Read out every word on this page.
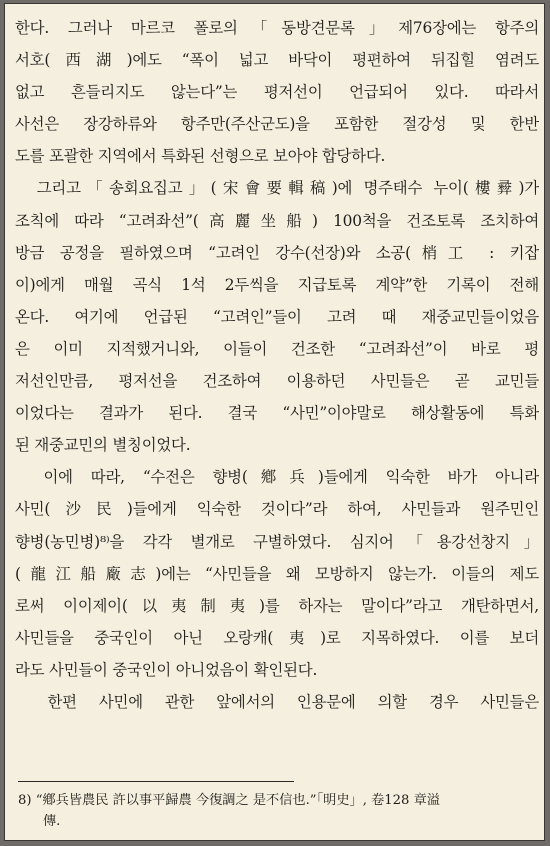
한다. 그러나 마르코 폴로의「동방견문록」제76장에는 항주의
서호(西湖)에도 “폭이 넓고 바닥이 평편하여 뒤집힐 염려도
없고 흔들리지도 않는다”는 평저선이 언급되어 있다. 따라서
사선은 장강하류와 항주만(주산군도)을 포함한 절강성 및 한반
도를 포괄한 지역에서 특화된 선형으로 보아야 합당하다.
　그리고「송회요집고」(宋會要輯稿)에 명주태수 누이(樓彛)가
조칙에 따라 “고려좌선”(高麗坐船) 100척을 건조토록 조치하여
방금 공정을 필하였으며 “고려인 강수(선장)와 소공(梢工 : 키잡
이)에게 매월 곡식 1석 2두씩을 지급토록 계약”한 기록이 전해
온다. 여기에 언급된 “고려인”들이 고려 때 재중교민들이었음
은 이미 지적했거니와, 이들이 건조한 “고려좌선”이 바로 평
저선인만큼, 평저선을 건조하여 이용하던 사민들은 곧 교민들
이었다는 결과가 된다. 결국 “사민”이야말로 해상활동에 특화
된 재중교민의 별칭이었다.
　이에 따라, “수전은 향병(鄕兵)들에게 익숙한 바가 아니라
사민(沙民)들에게 익숙한 것이다”라 하여, 사민들과 원주민인
향병(농민병)⁸⁾을 각각 별개로 구별하였다. 심지어「용강선창지」
(龍江船廠志)에는 “사민들을 왜 모방하지 않는가. 이들의 제도
로써 이이제이(以夷制夷)를 하자는 말이다”라고 개탄하면서,
사민들을 중국인이 아닌 오랑캐(夷)로 지목하였다. 이를 보더
라도 사민들이 중국인이 아니었음이 확인된다.
　한편 사민에 관한 앞에서의 인용문에 의할 경우 사민들은
8) “鄕兵皆農民 許以事平歸農 今復調之 是不信也.”「明史」, 卷128 章溢
傳.
